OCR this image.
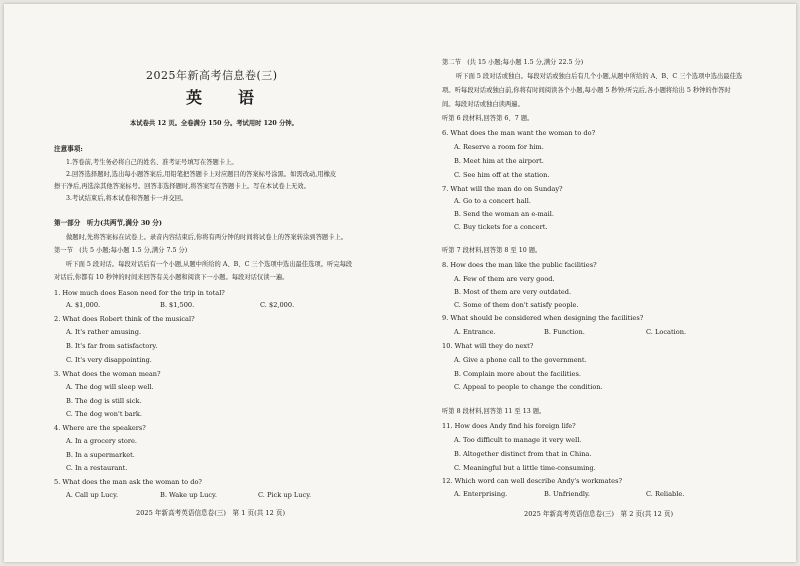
2025年新高考信息卷(三)
英　语
本试卷共 12 页。全卷满分 150 分。考试用时 120 分钟。
注意事项:
1.答卷前,考生务必将自己的姓名、准考证号填写在答题卡上。
2.回答选择题时,选出每小题答案后,用铅笔把答题卡上对应题目的答案标号涂黑。如需改动,用橡皮
擦干净后,再选涂其他答案标号。回答非选择题时,将答案写在答题卡上。写在本试卷上无效。
3.考试结束后,将本试卷和答题卡一并交回。
第一部分　听力(共两节,满分 30 分)
做题时,先将答案标在试卷上。录音内容结束后,你将有两分钟的时间将试卷上的答案转涂到答题卡上。
第一节　(共 5 小题;每小题 1.5 分,满分 7.5 分)
听下面 5 段对话。每段对话后有一个小题,从题中所给的 A、B、C 三个选项中选出最佳选项。听完每段
对话后,你都有 10 秒钟的时间来回答有关小题和阅读下一小题。每段对话仅读一遍。
1. How much does Eason need for the trip in total?
A. $1,000.	B. $1,500.	C. $2,000.
2. What does Robert think of the musical?
A. It's rather amusing.
B. It's far from satisfactory.
C. It's very disappointing.
3. What does the woman mean?
A. The dog will sleep well.
B. The dog is still sick.
C. The dog won't bark.
4. Where are the speakers?
A. In a grocery store.
B. In a supermarket.
C. In a restaurant.
5. What does the man ask the woman to do?
A. Call up Lucy.	B. Wake up Lucy.	C. Pick up Lucy.
2025 年新高考英语信息卷(三)　第 1 页(共 12 页)
第二节　(共 15 小题;每小题 1.5 分,满分 22.5 分)
听下面 5 段对话或独白。每段对话或独白后有几个小题,从题中所给的 A、B、C 三个选项中选出最佳选
项。听每段对话或独白前,你将有时间阅读各个小题,每小题 5 秒钟;听完后,各小题将给出 5 秒钟的作答时
间。每段对话或独白读两遍。
听第 6 段材料,回答第 6、7 题。
6. What does the man want the woman to do?
A. Reserve a room for him.
B. Meet him at the airport.
C. See him off at the station.
7. What will the man do on Sunday?
A. Go to a concert hall.
B. Send the woman an e-mail.
C. Buy tickets for a concert.
听第 7 段材料,回答第 8 至 10 题。
8. How does the man like the public facilities?
A. Few of them are very good.
B. Most of them are very outdated.
C. Some of them don't satisfy people.
9. What should be considered when designing the facilities?
A. Entrance.	B. Function.	C. Location.
10. What will they do next?
A. Give a phone call to the government.
B. Complain more about the facilities.
C. Appeal to people to change the condition.
听第 8 段材料,回答第 11 至 13 题。
11. How does Andy find his foreign life?
A. Too difficult to manage it very well.
B. Altogether distinct from that in China.
C. Meaningful but a little time-consuming.
12. Which word can well describe Andy's workmates?
A. Enterprising.	B. Unfriendly.	C. Reliable.
2025 年新高考英语信息卷(三)　第 2 页(共 12 页)
